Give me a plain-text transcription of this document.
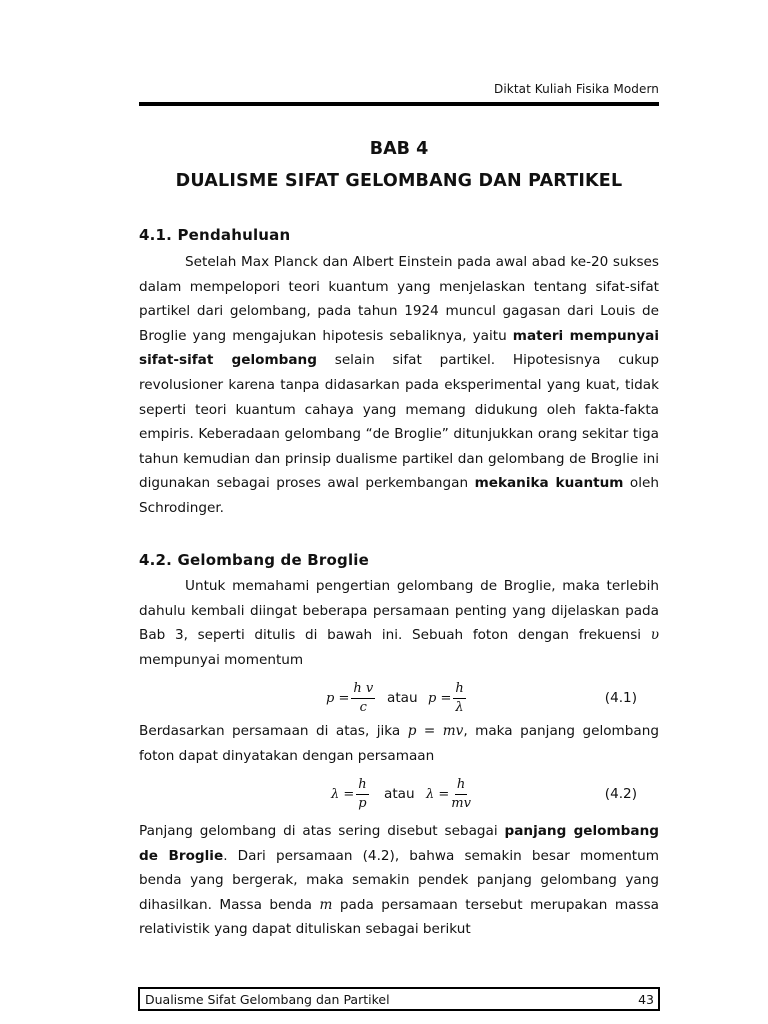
Diktat Kuliah Fisika Modern
BAB 4
DUALISME SIFAT GELOMBANG DAN PARTIKEL
4.1. Pendahuluan
Setelah Max Planck dan Albert Einstein pada awal abad ke-20 sukses dalam mempelopori teori kuantum yang menjelaskan tentang sifat-sifat partikel dari gelombang, pada tahun 1924 muncul gagasan dari Louis de Broglie yang mengajukan hipotesis sebaliknya, yaitu materi mempunyai sifat-sifat gelombang selain sifat partikel. Hipotesisnya cukup revolusioner karena tanpa didasarkan pada eksperimental yang kuat, tidak seperti teori kuantum cahaya yang memang didukung oleh fakta-fakta empiris. Keberadaan gelombang “de Broglie” ditunjukkan orang sekitar tiga tahun kemudian dan prinsip dualisme partikel dan gelombang de Broglie ini digunakan sebagai proses awal perkembangan mekanika kuantum oleh Schrodinger.
4.2. Gelombang de Broglie
Untuk memahami pengertian gelombang de Broglie, maka terlebih dahulu kembali diingat beberapa persamaan penting yang dijelaskan pada Bab 3, seperti ditulis di bawah ini. Sebuah foton dengan frekuensi υ mempunyai momentum
$p = \frac{\text{h v}}{c}$ atau $p = \frac{h}{\lambda}$	(4.1)
Berdasarkan persamaan di atas, jika p = mv, maka panjang gelombang foton dapat dinyatakan dengan persamaan
$\lambda = \frac{h}{p}$ atau $\lambda = \frac{h}{mv}$	(4.2)
Panjang gelombang di atas sering disebut sebagai panjang gelombang de Broglie. Dari persamaan (4.2), bahwa semakin besar momentum benda yang bergerak, maka semakin pendek panjang gelombang yang dihasilkan. Massa benda m pada persamaan tersebut merupakan massa relativistik yang dapat dituliskan sebagai berikut
Dualisme Sifat Gelombang dan Partikel	43
